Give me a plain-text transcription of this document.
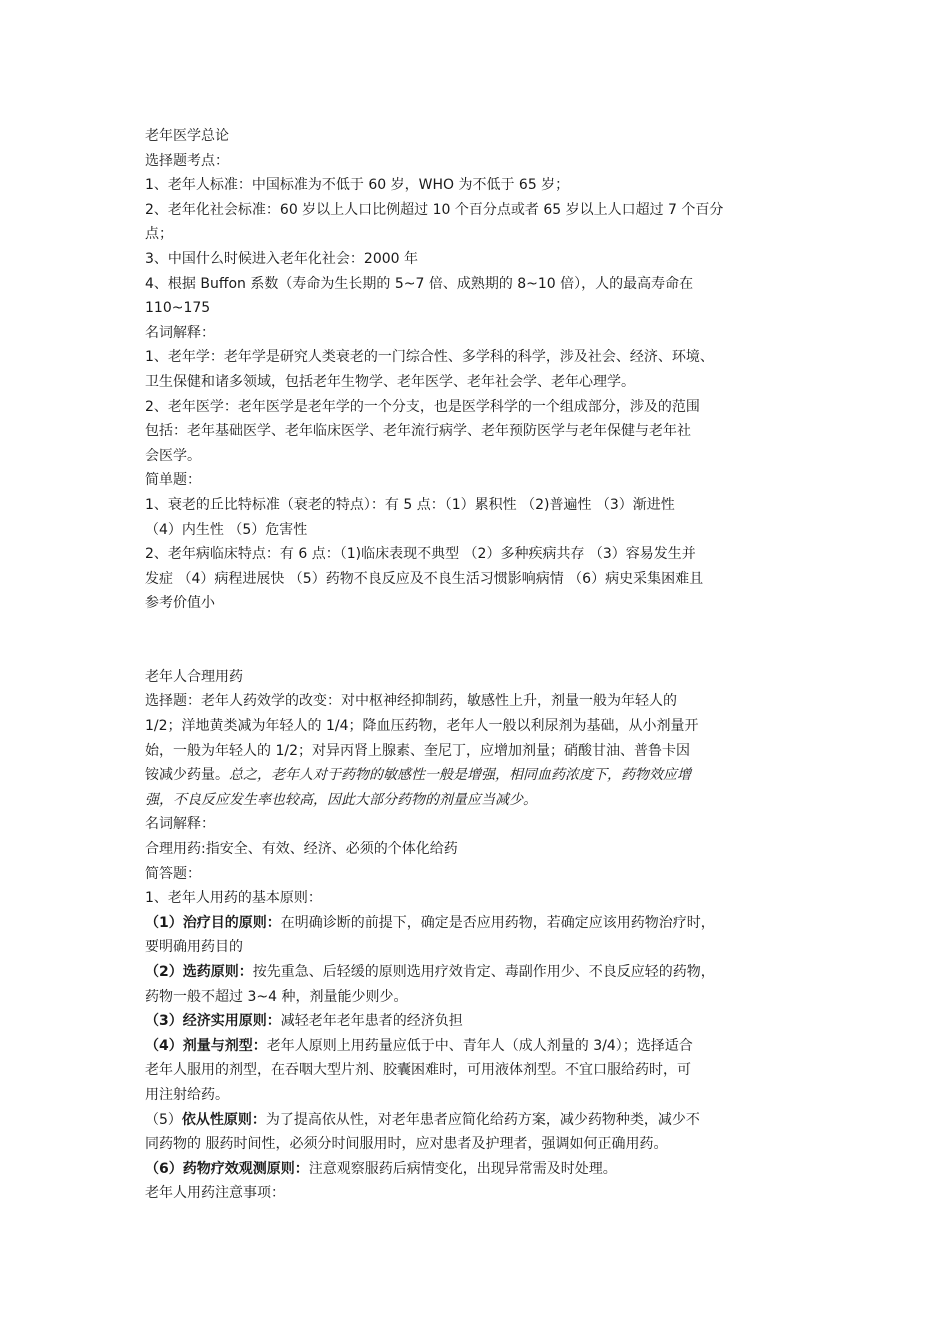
老年医学总论
选择题考点：
1、老年人标准：中国标准为不低于 60 岁，WHO 为不低于 65 岁；
2、老年化社会标准：60 岁以上人口比例超过 10 个百分点或者 65 岁以上人口超过 7 个百分
点；
3、中国什么时候进入老年化社会：2000 年
4、根据 Buffon 系数（寿命为生长期的 5~7 倍、成熟期的 8~10 倍），人的最高寿命在
110~175
名词解释：
1、老年学：老年学是研究人类衰老的一门综合性、多学科的科学，涉及社会、经济、环境、
卫生保健和诸多领域，包括老年生物学、老年医学、老年社会学、老年心理学。
2、老年医学：老年医学是老年学的一个分支，也是医学科学的一个组成部分，涉及的范围
包括：老年基础医学、老年临床医学、老年流行病学、老年预防医学与老年保健与老年社
会医学。
简单题：
1、衰老的丘比特标准（衰老的特点）：有 5 点：（1）累积性 （2)普遍性 （3）渐进性
（4）内生性 （5）危害性
2、老年病临床特点：有 6 点：（1)临床表现不典型 （2）多种疾病共存 （3）容易发生并
发症 （4）病程进展快 （5）药物不良反应及不良生活习惯影响病情 （6）病史采集困难且
参考价值小
老年人合理用药
选择题：老年人药效学的改变：对中枢神经抑制药，敏感性上升，剂量一般为年轻人的
1/2；洋地黄类减为年轻人的 1/4；降血压药物，老年人一般以利尿剂为基础，从小剂量开
始，一般为年轻人的 1/2；对异丙肾上腺素、奎尼丁，应增加剂量；硝酸甘油、普鲁卡因
铵减少药量。总之，老年人对于药物的敏感性一般是增强，相同血药浓度下，药物效应增
强，不良反应发生率也较高，因此大部分药物的剂量应当减少。
名词解释：
合理用药:指安全、有效、经济、必须的个体化给药
简答题：
1、老年人用药的基本原则：
（1）治疗目的原则：在明确诊断的前提下，确定是否应用药物，若确定应该用药物治疗时，
要明确用药目的
（2）选药原则：按先重急、后轻缓的原则选用疗效肯定、毒副作用少、不良反应轻的药物，
药物一般不超过 3~4 种，剂量能少则少。
（3）经济实用原则：减轻老年老年患者的经济负担
（4）剂量与剂型：老年人原则上用药量应低于中、青年人（成人剂量的 3/4）；选择适合
老年人服用的剂型，在吞咽大型片剂、胶囊困难时，可用液体剂型。不宜口服给药时，可
用注射给药。
（5）依从性原则：为了提高依从性，对老年患者应简化给药方案，减少药物种类，减少不
同药物的 服药时间性，必须分时间服用时，应对患者及护理者，强调如何正确用药。
（6）药物疗效观测原则：注意观察服药后病情变化，出现异常需及时处理。
老年人用药注意事项：
